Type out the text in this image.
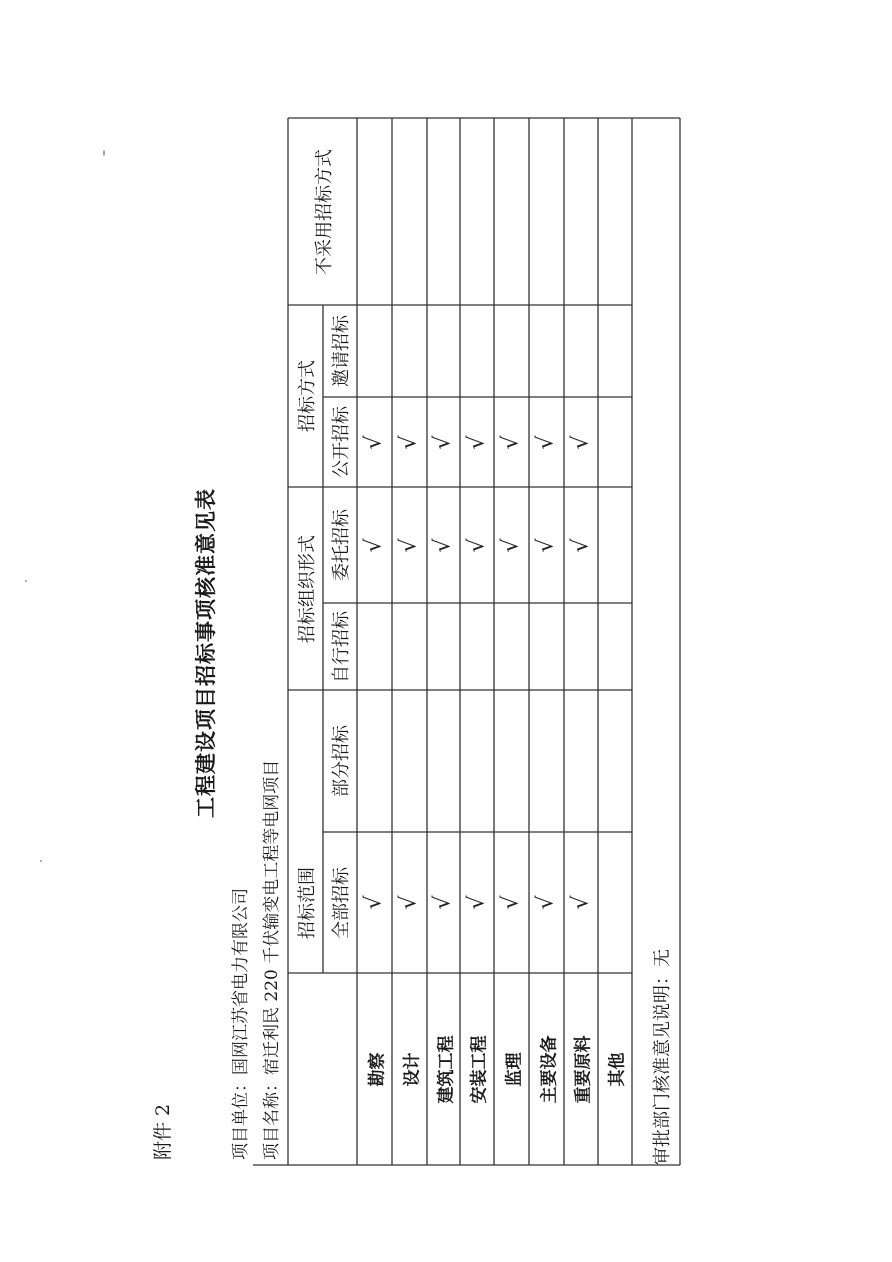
附件 2
工程建设项目招标事项核准意见表
项目单位：国网江苏省电力有限公司
项目名称：宿迁利民 220 千伏输变电工程等电网项目 招标范围
招标组织形式
招标方式
不采用招标方式
全部招标
部分招标
自行招标
委托招标
公开招标
邀请招标
勘察 设计 建筑工程 安装工程 监理 主要设备 重要原料 其他
√
√
√
√
√
√
√
√
√
√
√
√
√
√
√
√
√
√
√
√
√
审批部门核准意见说明：无
